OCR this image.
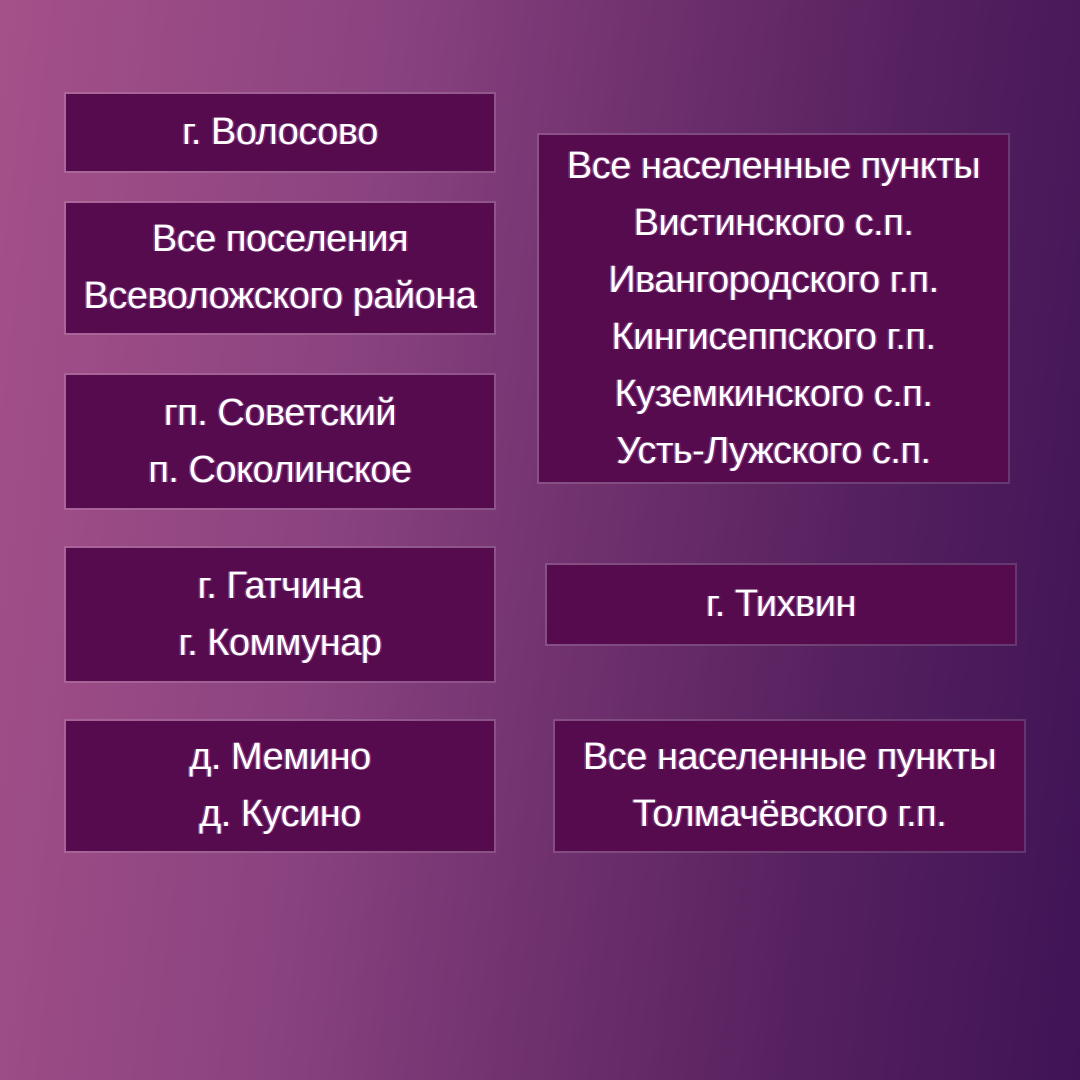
г. Волосово
Все поселения
Всеволожского района
гп. Советский
п. Соколинское
г. Гатчина
г. Коммунар
д. Мемино
д. Кусино
Все населенные пункты
Вистинского с.п.
Ивангородского г.п.
Кингисеппского г.п.
Куземкинского с.п.
Усть-Лужского с.п.
г. Тихвин
Все населенные пункты
Толмачёвского г.п.
